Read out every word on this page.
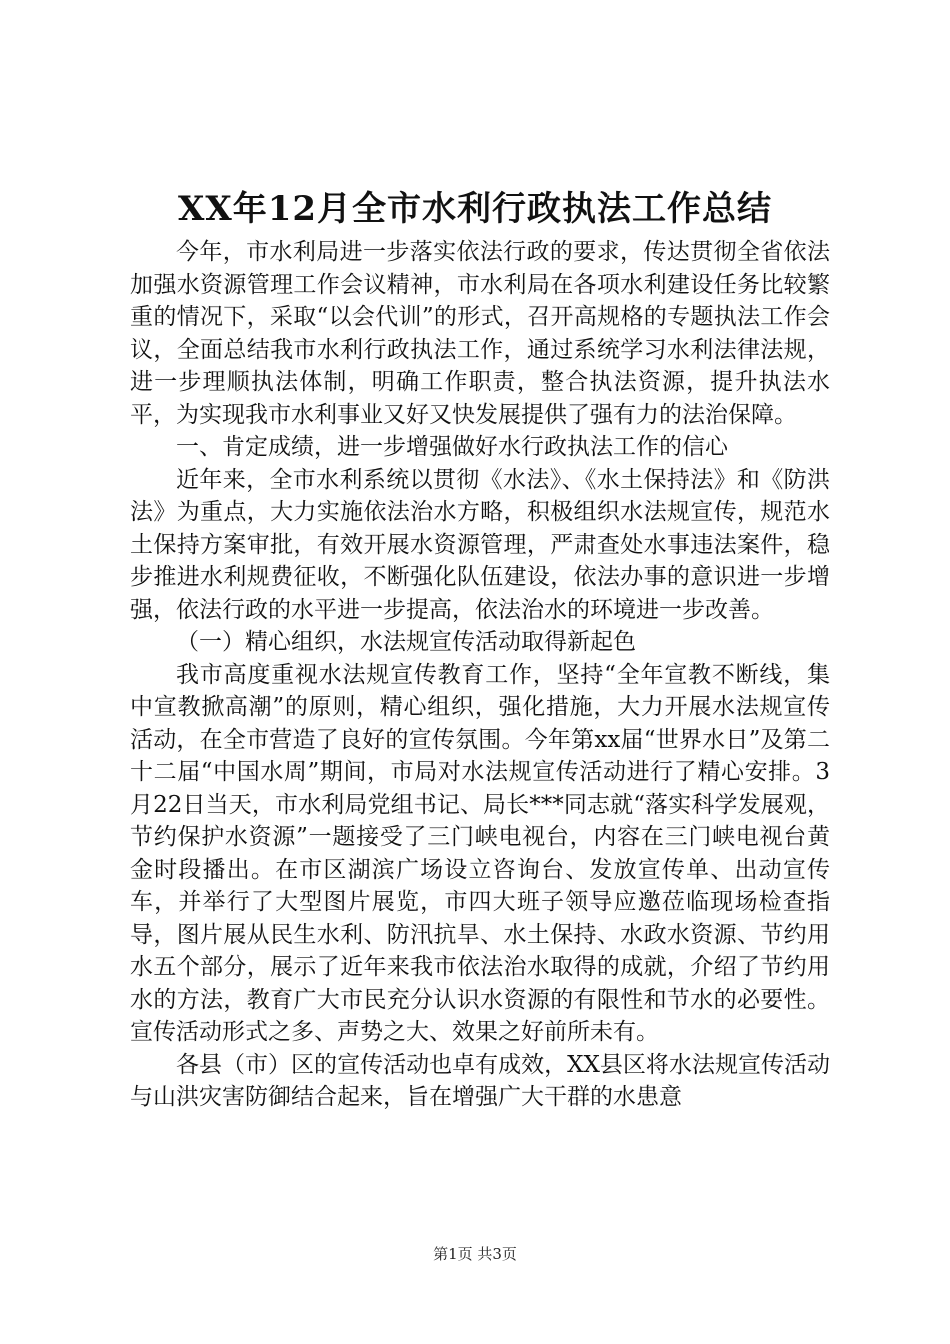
XX年12月全市水利行政执法工作总结

今年，市水利局进一步落实依法行政的要求，传达贯彻全省依法加强水资源管理工作会议精神，市水利局在各项水利建设任务比较繁重的情况下，采取“以会代训”的形式，召开高规格的专题执法工作会议，全面总结我市水利行政执法工作，通过系统学习水利法律法规，进一步理顺执法体制，明确工作职责，整合执法资源，提升执法水平，为实现我市水利事业又好又快发展提供了强有力的法治保障。

一、肯定成绩，进一步增强做好水行政执法工作的信心

近年来，全市水利系统以贯彻《水法》、《水土保持法》和《防洪法》为重点，大力实施依法治水方略，积极组织水法规宣传，规范水土保持方案审批，有效开展水资源管理，严肃查处水事违法案件，稳步推进水利规费征收，不断强化队伍建设，依法办事的意识进一步增强，依法行政的水平进一步提高，依法治水的环境进一步改善。

（一）精心组织，水法规宣传活动取得新起色

我市高度重视水法规宣传教育工作，坚持“全年宣教不断线，集中宣教掀高潮”的原则，精心组织，强化措施，大力开展水法规宣传活动，在全市营造了良好的宣传氛围。今年第xx届“世界水日”及第二十二届“中国水周”期间，市局对水法规宣传活动进行了精心安排。3月22日当天，市水利局党组书记、局长***同志就“落实科学发展观，节约保护水资源”一题接受了三门峡电视台，内容在三门峡电视台黄金时段播出。在市区湖滨广场设立咨询台、发放宣传单、出动宣传车，并举行了大型图片展览，市四大班子领导应邀莅临现场检查指导，图片展从民生水利、防汛抗旱、水土保持、水政水资源、节约用水五个部分，展示了近年来我市依法治水取得的成就，介绍了节约用水的方法，教育广大市民充分认识水资源的有限性和节水的必要性。宣传活动形式之多、声势之大、效果之好前所未有。

各县（市）区的宣传活动也卓有成效，XX县区将水法规宣传活动与山洪灾害防御结合起来，旨在增强广大干群的水患意

第1页 共3页
